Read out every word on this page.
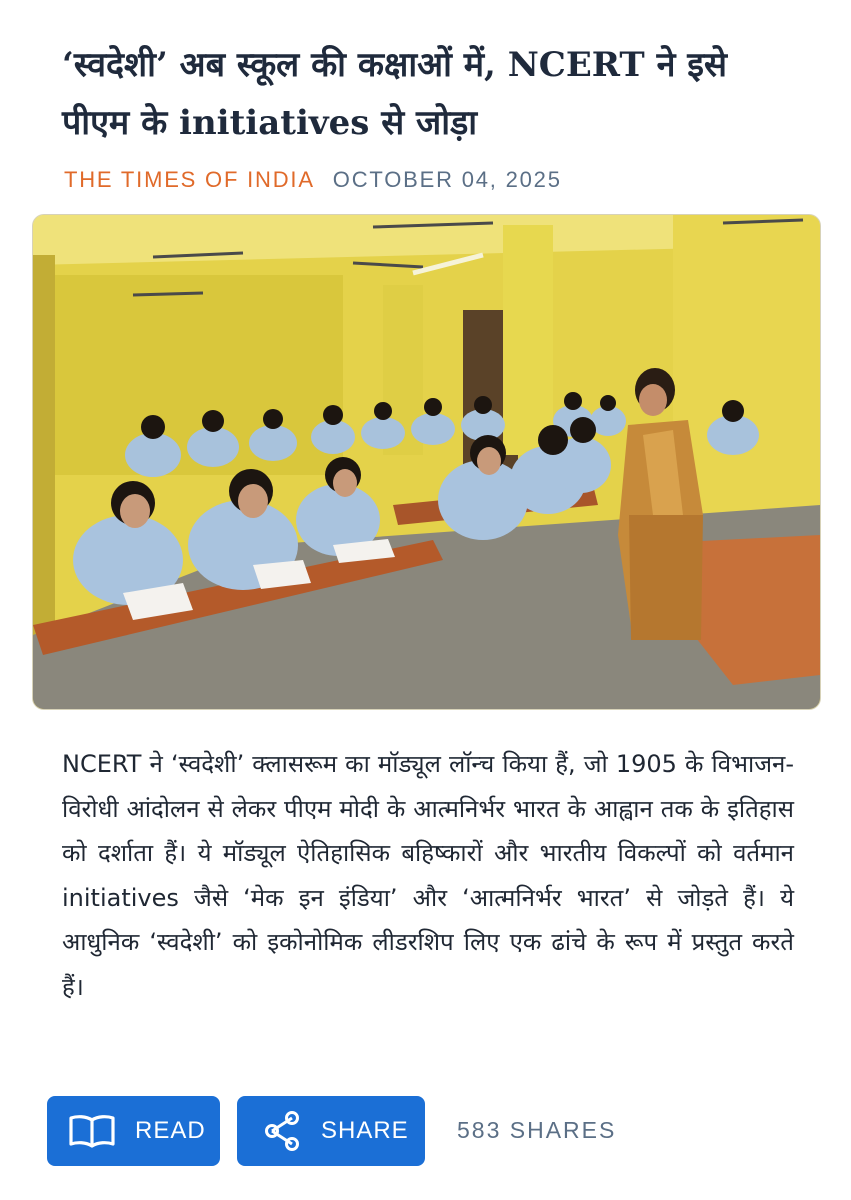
‘स्वदेशी’ अब स्कूल की कक्षाओं में, NCERT ने इसे पीएम के initiatives से जोड़ा
THE TIMES OF INDIA OCTOBER 04, 2025

NCERT ने ‘स्वदेशी’ क्लासरूम का मॉड्यूल लॉन्च किया हैं, जो 1905 के विभाजन-विरोधी आंदोलन से लेकर पीएम मोदी के आत्मनिर्भर भारत के आह्वान तक के इतिहास को दर्शाता हैं। ये मॉड्यूल ऐतिहासिक बहिष्कारों और भारतीय विकल्पों को वर्तमान initiatives जैसे ‘मेक इन इंडिया’ और ‘आत्मनिर्भर भारत’ से जोड़ते हैं। ये आधुनिक ‘स्वदेशी’ को इकोनोमिक लीडरशिप लिए एक ढांचे के रूप में प्रस्तुत करते हैं।

READ	SHARE 583 SHARES
